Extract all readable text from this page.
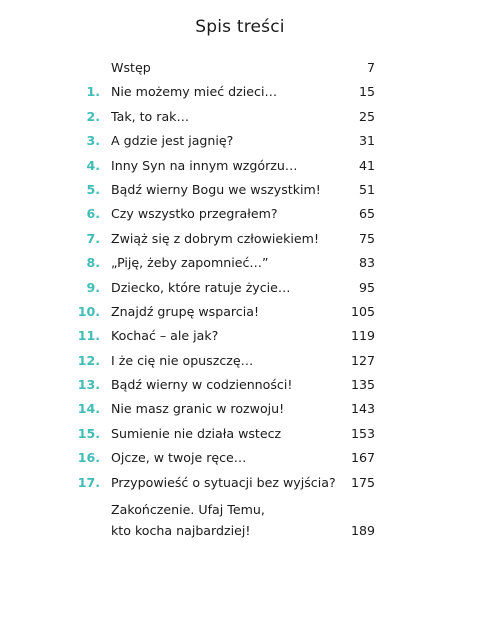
Spis treści
Wstęp	7
1. Nie możemy mieć dzieci…	15
2. Tak, to rak…	25
3. A gdzie jest jagnię?	31
4. Inny Syn na innym wzgórzu…	41
5. Bądź wierny Bogu we wszystkim!	51
6. Czy wszystko przegrałem?	65
7. Zwiąż się z dobrym człowiekiem!	75
8. „Piję, żeby zapomnieć…”	83
9. Dziecko, które ratuje życie…	95
10. Znajdź grupę wsparcia!	105
11. Kochać – ale jak?	119
12. I że cię nie opuszczę…	127
13. Bądź wierny w codzienności!	135
14. Nie masz granic w rozwoju!	143
15. Sumienie nie działa wstecz	153
16. Ojcze, w twoje ręce…	167
17. Przypowieść o sytuacji bez wyjścia? 175
Zakończenie. Ufaj Temu,
kto kocha najbardziej!	189
